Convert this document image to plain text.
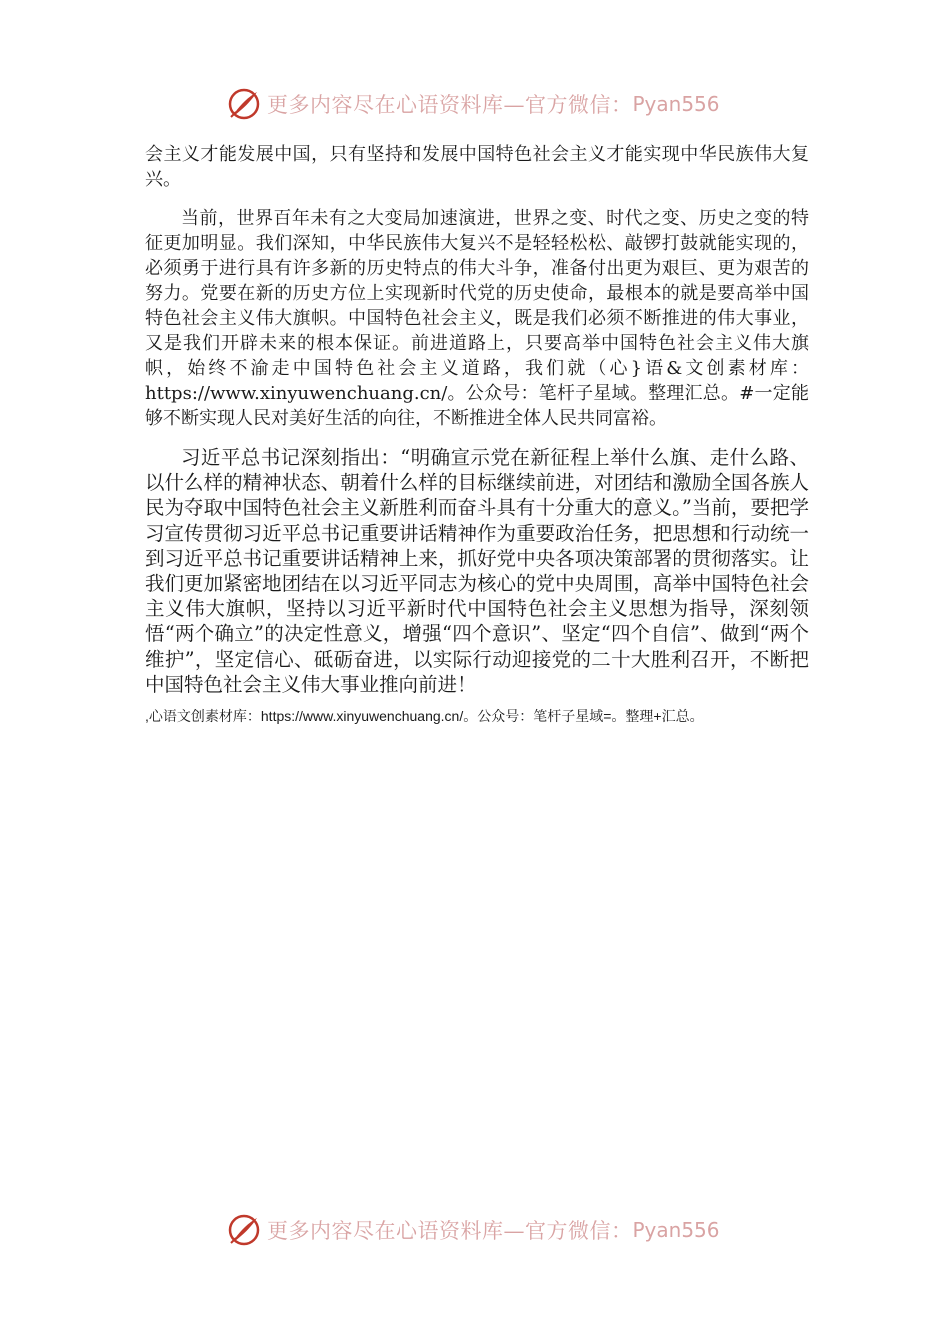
更多内容尽在心语资料库—官方微信： Pyan556

会主义才能发展中国，只有坚持和发展中国特色社会主义才能实现中华民族伟大复兴。

当前，世界百年未有之大变局加速演进，世界之变、时代之变、历史之变的特征更加明显。我们深知，中华民族伟大复兴不是轻轻松松、敲锣打鼓就能实现的，必须勇于进行具有许多新的历史特点的伟大斗争，准备付出更为艰巨、更为艰苦的努力。党要在新的历史方位上实现新时代党的历史使命，最根本的就是要高举中国特色社会主义伟大旗帜。中国特色社会主义，既是我们必须不断推进的伟大事业，又是我们开辟未来的根本保证。前进道路上，只要高举中国特色社会主义伟大旗帜，始终不渝走中国特色社会主义道路，我们就（心}语&文创素材库：https://www.xinyuwenchuang.cn/。公众号：笔杆子星域。整理汇总。#一定能够不断实现人民对美好生活的向往，不断推进全体人民共同富裕。

习近平总书记深刻指出：“明确宣示党在新征程上举什么旗、走什么路、以什么样的精神状态、朝着什么样的目标继续前进，对团结和激励全国各族人民为夺取中国特色社会主义新胜利而奋斗具有十分重大的意义。”当前，要把学习宣传贯彻习近平总书记重要讲话精神作为重要政治任务，把思想和行动统一到习近平总书记重要讲话精神上来，抓好党中央各项决策部署的贯彻落实。让我们更加紧密地团结在以习近平同志为核心的党中央周围，高举中国特色社会主义伟大旗帜，坚持以习近平新时代中国特色社会主义思想为指导，深刻领悟“两个确立”的决定性意义，增强“四个意识”、坚定“四个自信”、做到“两个维护”，坚定信心、砥砺奋进，以实际行动迎接党的二十大胜利召开，不断把中国特色社会主义伟大事业推向前进！

,心语文创素材库：https://www.xinyuwenchuang.cn/。公众号：笔杆子星域=。整理+汇总。

更多内容尽在心语资料库—官方微信： Pyan556
